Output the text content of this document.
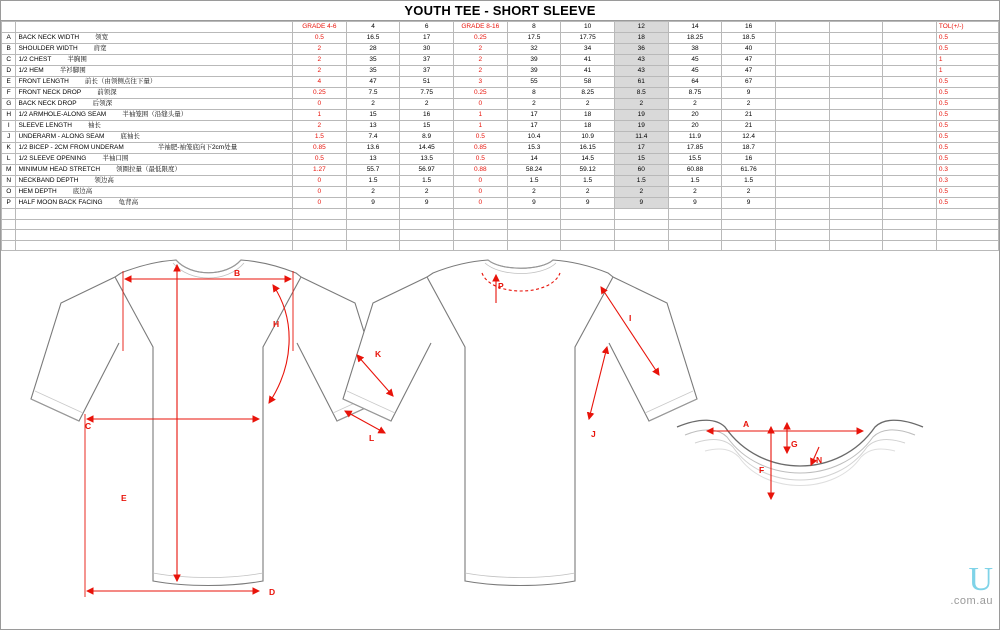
YOUTH TEE - SHORT SLEEVE
		GRADE 4-6	4	6	GRADE 8-16	8	10	12	14	16				TOL(+/-)
A	BACK NECK WIDTH 领宽	0.5	16.5	17	0.25	17.5	17.75	18	18.25	18.5				0.5
B	SHOULDER WIDTH 肩宽	2	28	30	2	32	34	36	38	40				0.5
C	1/2 CHEST 半胸围	2	35	37	2	39	41	43	45	47				1
D	1/2 HEM 半衫脚围	2	35	37	2	39	41	43	45	47				1
E	FRONT LENGTH 前长（由领侧点往下量）	4	47	51	3	55	58	61	64	67				0.5
F	FRONT NECK DROP 前领深	0.25	7.5	7.75	0.25	8	8.25	8.5	8.75	9				0.5
G	BACK NECK DROP 后领深	0	2	2	0	2	2	2	2	2				0.5
H	1/2 ARMHOLE-ALONG SEAM 半袖笼围（沿缝头量）	1	15	16	1	17	18	19	20	21				0.5
I	SLEEVE LENGTH 袖长	2	13	15	1	17	18	19	20	21				0.5
J	UNDERARM - ALONG SEAM 底袖长	1.5	7.4	8.9	0.5	10.4	10.9	11.4	11.9	12.4				0.5
K	1/2 BICEP - 2CM FROM UNDERAM 半袖肥-袖笼底向下2cm处量	0.85	13.6	14.45	0.85	15.3	16.15	17	17.85	18.7				0.5
L	1/2 SLEEVE OPENING 半袖口围	0.5	13	13.5	0.5	14	14.5	15	15.5	16				0.5
M	MINIMUM HEAD STRETCH 领圈拉量（最低限度）	1.27	55.7	56.97	0.88	58.24	59.12	60	60.88	61.76				0.3
N	NECKBAND DEPTH 领边高	0	1.5	1.5	0	1.5	1.5	1.5	1.5	1.5				0.3
O	HEM DEPTH 底边高	0	2	2	0	2	2	2	2	2				0.5
P	HALF MOON BACK FACING 龟背高	0	9	9	0	9	9	9	9	9				0.5

B
H
C
E
D
P
K
L
I
J
A
G
F
N
U
.com.au
